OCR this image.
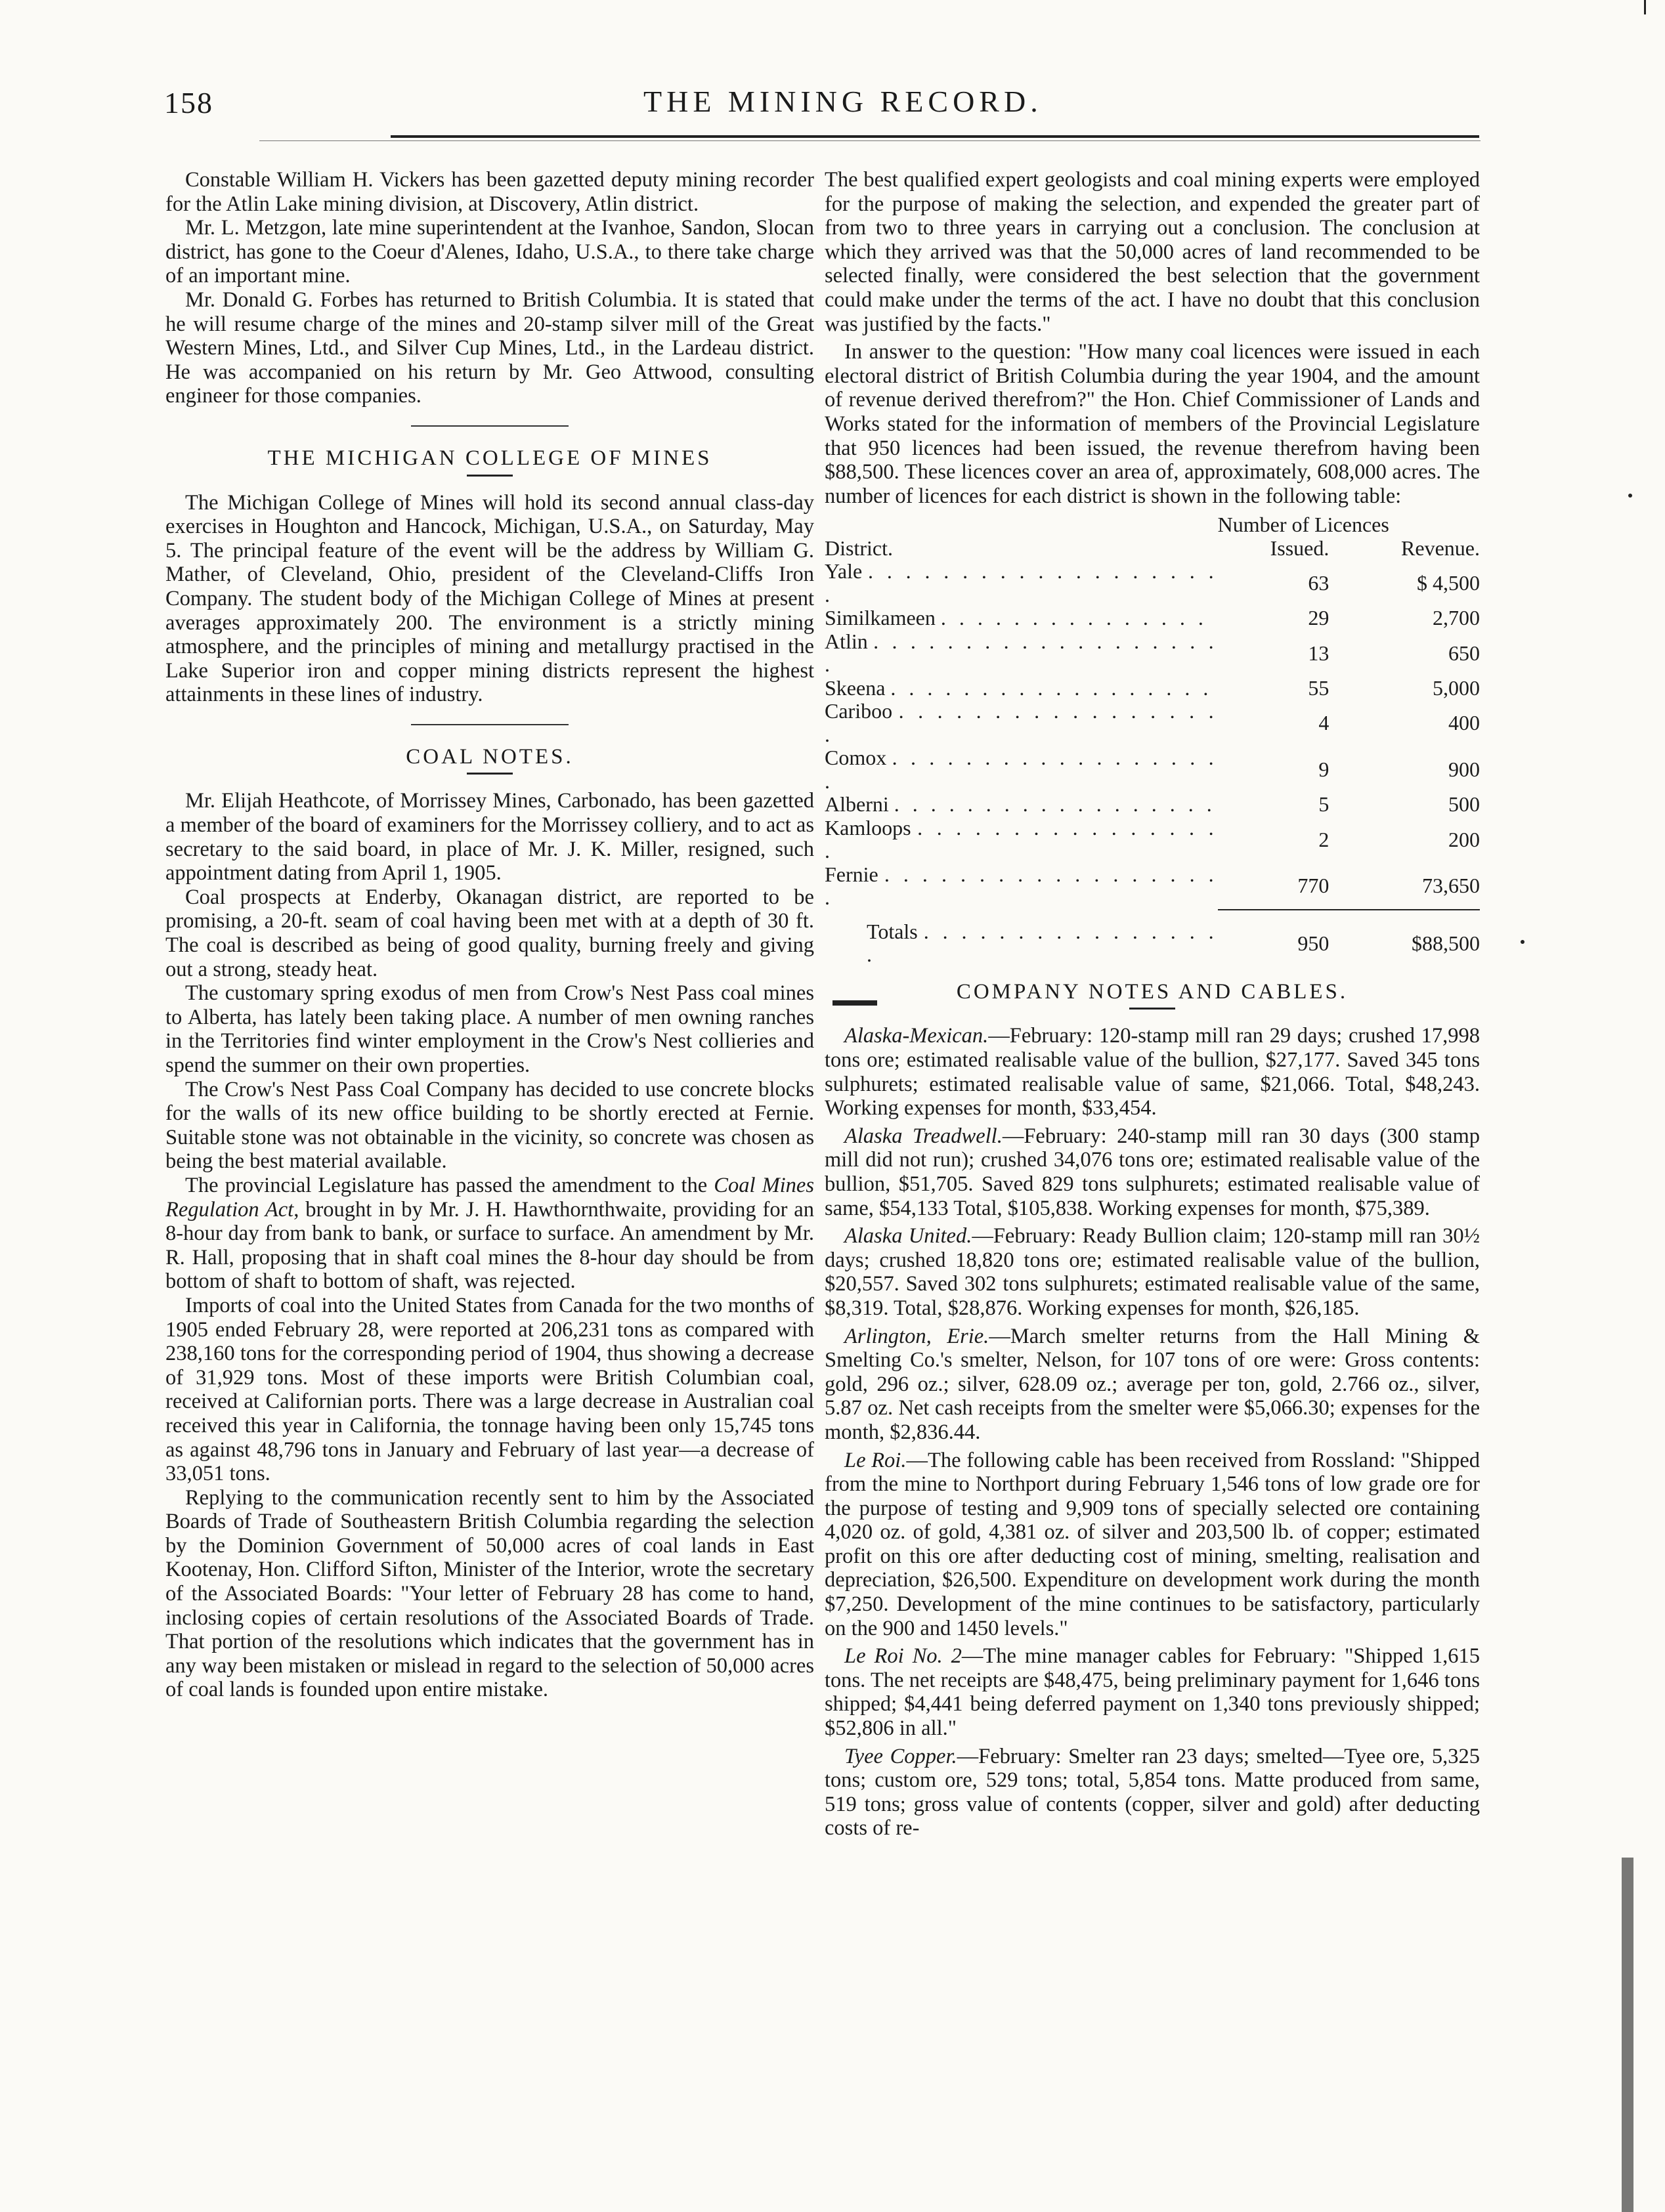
158	THE MINING RECORD.

Constable William H. Vickers has been gazetted deputy mining recorder for the Atlin Lake mining division, at Discovery, Atlin district.

Mr. L. Metzgon, late mine superintendent at the Ivanhoe, Sandon, Slocan district, has gone to the Coeur d'Alenes, Idaho, U.S.A., to there take charge of an important mine.

Mr. Donald G. Forbes has returned to British Columbia. It is stated that he will resume charge of the mines and 20-stamp silver mill of the Great Western Mines, Ltd., and Silver Cup Mines, Ltd., in the Lardeau district. He was accompanied on his return by Mr. Geo Attwood, consulting engineer for those companies.

THE MICHIGAN COLLEGE OF MINES

The Michigan College of Mines will hold its second annual class-day exercises in Houghton and Hancock, Michigan, U.S.A., on Saturday, May 5. The principal feature of the event will be the address by William G. Mather, of Cleveland, Ohio, president of the Cleveland-Cliffs Iron Company. The student body of the Michigan College of Mines at present averages approximately 200. The environment is a strictly mining atmosphere, and the principles of mining and metallurgy practised in the Lake Superior iron and copper mining districts represent the highest attainments in these lines of industry.

COAL NOTES.

Mr. Elijah Heathcote, of Morrissey Mines, Carbonado, has been gazetted a member of the board of examiners for the Morrissey colliery, and to act as secretary to the said board, in place of Mr. J. K. Miller, resigned, such appointment dating from April 1, 1905.

Coal prospects at Enderby, Okanagan district, are reported to be promising, a 20-ft. seam of coal having been met with at a depth of 30 ft. The coal is described as being of good quality, burning freely and giving out a strong, steady heat.

The customary spring exodus of men from Crow's Nest Pass coal mines to Alberta, has lately been taking place. A number of men owning ranches in the Territories find winter employment in the Crow's Nest collieries and spend the summer on their own properties.

The Crow's Nest Pass Coal Company has decided to use concrete blocks for the walls of its new office building to be shortly erected at Fernie. Suitable stone was not obtainable in the vicinity, so concrete was chosen as being the best material available.

The provincial Legislature has passed the amendment to the Coal Mines Regulation Act, brought in by Mr. J. H. Hawthornthwaite, providing for an 8-hour day from bank to bank, or surface to surface. An amendment by Mr. R. Hall, proposing that in shaft coal mines the 8-hour day should be from bottom of shaft to bottom of shaft, was rejected.

Imports of coal into the United States from Canada for the two months of 1905 ended February 28, were reported at 206,231 tons as compared with 238,160 tons for the corresponding period of 1904, thus showing a decrease of 31,929 tons. Most of these imports were British Columbian coal, received at Californian ports. There was a large decrease in Australian coal received this year in California, the tonnage having been only 15,745 tons as against 48,796 tons in January and February of last year—a decrease of 33,051 tons.

Replying to the communication recently sent to him by the Associated Boards of Trade of Southeastern British Columbia regarding the selection by the Dominion Government of 50,000 acres of coal lands in East Kootenay, Hon. Clifford Sifton, Minister of the Interior, wrote the secretary of the Associated Boards: "Your letter of February 28 has come to hand, inclosing copies of certain resolutions of the Associated Boards of Trade. That portion of the resolutions which indicates that the government has in any way been mistaken or mislead in regard to the selection of 50,000 acres of coal lands is founded upon entire mistake.

The best qualified expert geologists and coal mining experts were employed for the purpose of making the selection, and expended the greater part of from two to three years in carrying out a conclusion. The conclusion at which they arrived was that the 50,000 acres of land recommended to be selected finally, were considered the best selection that the government could make under the terms of the act. I have no doubt that this conclusion was justified by the facts."

In answer to the question: "How many coal licences were issued in each electoral district of British Columbia during the year 1904, and the amount of revenue derived therefrom?" the Hon. Chief Commissioner of Lands and Works stated for the information of members of the Provincial Legislature that 950 licences had been issued, the revenue therefrom having been $88,500. These licences cover an area of, approximately, 608,000 acres. The number of licences for each district is shown in the following table:

	Number of Licences	
District.	Issued.	Revenue.
Yale . . . . . . . . . . . . . . . . . . . .	63	$ 4,500
Similkameen . . . . . . . . . . . . . . .	29	2,700
Atlin . . . . . . . . . . . . . . . . . . . .	13	650
Skeena . . . . . . . . . . . . . . . . . .	55	5,000
Cariboo . . . . . . . . . . . . . . . . . .	4	400
Comox . . . . . . . . . . . . . . . . . . .	9	900
Alberni . . . . . . . . . . . . . . . . . .	5	500
Kamloops . . . . . . . . . . . . . . . . .	2	200
Fernie . . . . . . . . . . . . . . . . . . .	770	73,650
Totals . . . . . . . . . . . . . . . . .	950	$88,500
COMPANY NOTES AND CABLES.

Alaska-Mexican.—February: 120-stamp mill ran 29 days; crushed 17,998 tons ore; estimated realisable value of the bullion, $27,177. Saved 345 tons sulphurets; estimated realisable value of same, $21,066. Total, $48,243. Working expenses for month, $33,454.

Alaska Treadwell.—February: 240-stamp mill ran 30 days (300 stamp mill did not run); crushed 34,076 tons ore; estimated realisable value of the bullion, $51,705. Saved 829 tons sulphurets; estimated realisable value of same, $54,133 Total, $105,838. Working expenses for month, $75,389.

Alaska United.—February: Ready Bullion claim; 120-stamp mill ran 30½ days; crushed 18,820 tons ore; estimated realisable value of the bullion, $20,557. Saved 302 tons sulphurets; estimated realisable value of the same, $8,319. Total, $28,876. Working expenses for month, $26,185.

Arlington, Erie.—March smelter returns from the Hall Mining & Smelting Co.'s smelter, Nelson, for 107 tons of ore were: Gross contents: gold, 296 oz.; silver, 628.09 oz.; average per ton, gold, 2.766 oz., silver, 5.87 oz. Net cash receipts from the smelter were $5,066.30; expenses for the month, $2,836.44.

Le Roi.—The following cable has been received from Rossland: "Shipped from the mine to Northport during February 1,546 tons of low grade ore for the purpose of testing and 9,909 tons of specially selected ore containing 4,020 oz. of gold, 4,381 oz. of silver and 203,500 lb. of copper; estimated profit on this ore after deducting cost of mining, smelting, realisation and depreciation, $26,500. Expenditure on development work during the month $7,250. Development of the mine continues to be satisfactory, particularly on the 900 and 1450 levels."

Le Roi No. 2—The mine manager cables for February: "Shipped 1,615 tons. The net receipts are $48,475, being preliminary payment for 1,646 tons shipped; $4,441 being deferred payment on 1,340 tons previously shipped; $52,806 in all."

Tyee Copper.—February: Smelter ran 23 days; smelted—Tyee ore, 5,325 tons; custom ore, 529 tons; total, 5,854 tons. Matte produced from same, 519 tons; gross value of contents (copper, silver and gold) after deducting costs of re-
